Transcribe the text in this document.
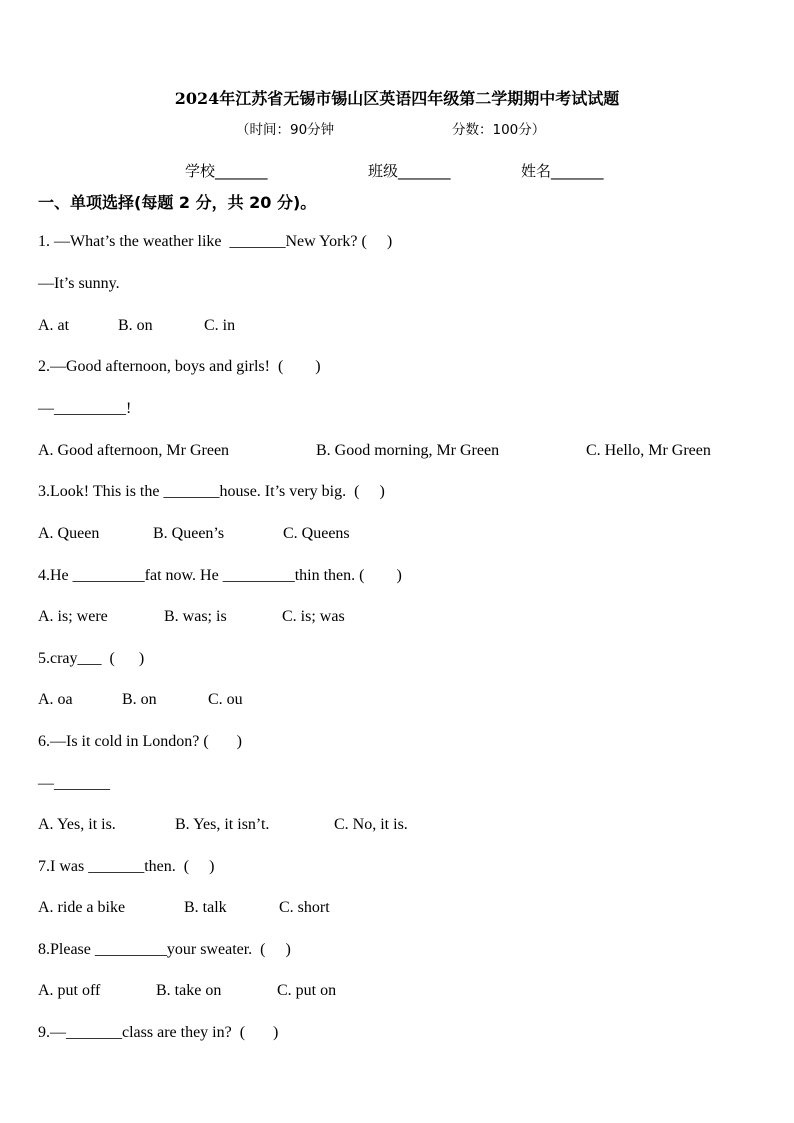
2024年江苏省无锡市锡山区英语四年级第二学期期中考试试题
（时间：90分钟	分数：100分）
学校_______	班级_______	姓名_______
一、单项选择(每题 2 分，共 20 分)。
1. —What’s the weather like  _______New York? (     )
—It’s sunny.
A. at	B. on	C. in
2.—Good afternoon, boys and girls!  (        )
—_________!
A. Good afternoon, Mr Green	B. Good morning, Mr Green	C. Hello, Mr Green
3.Look! This is the _______house. It’s very big.  (     )
A. Queen	B. Queen’s	C. Queens
4.He _________fat now. He _________thin then. (        )
A. is; were	B. was; is	C. is; was
5.cray___  (      )
A. oa	B. on	C. ou
6.—Is it cold in London? (       )
—_______
A. Yes, it is.	B. Yes, it isn’t.	C. No, it is.
7.I was _______then.  (     )
A. ride a bike	B. talk	C. short
8.Please _________your sweater.  (     )
A. put off	B. take on	C. put on
9.—_______class are they in?  (       )
